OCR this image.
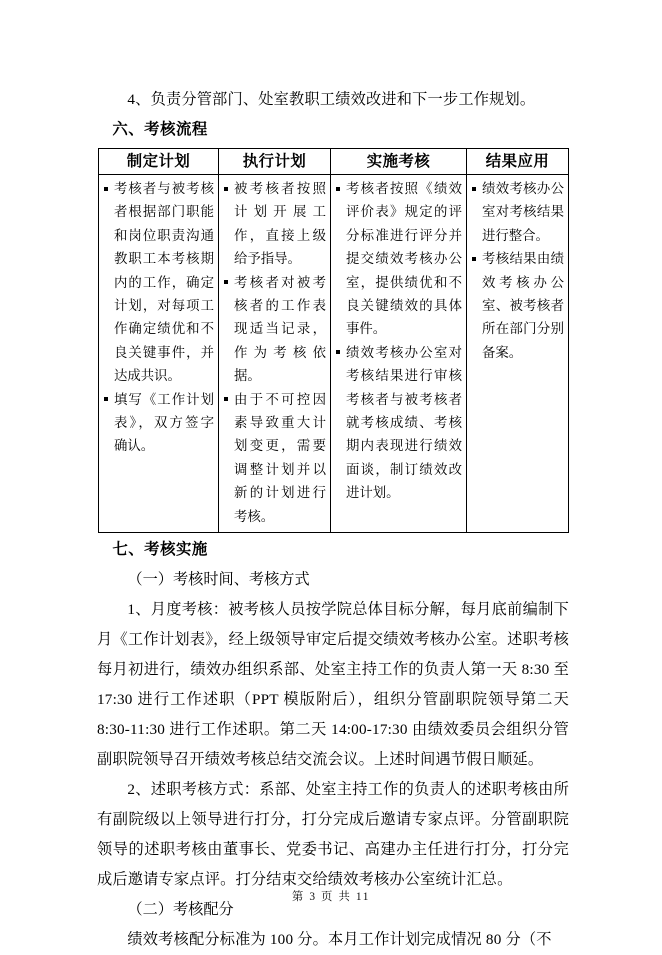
4、负责分管部门、处室教职工绩效改进和下一步工作规划。

六、考核流程

制定计划	执行计划	实施考核	结果应用

考核者与被考核者根据部门职能和岗位职责沟通教职工本考核期内的工作，确定计划，对每项工作确定绩优和不良关键事件，并达成共识。
填写《工作计划表》，双方签字确认。

被考核者按照计划开展工作，直接上级给予指导。
考核者对被考核者的工作表现适当记录，作为考核依据。
由于不可控因素导致重大计划变更，需要调整计划并以新的计划进行考核。

考核者按照《绩效评价表》规定的评分标准进行评分并提交绩效考核办公室，提供绩优和不良关键绩效的具体事件。
绩效考核办公室对考核结果进行审核考核者与被考核者就考核成绩、考核期内表现进行绩效面谈，制订绩效改进计划。

绩效考核办公室对考核结果进行整合。
考核结果由绩效考核办公室、被考核者所在部门分别备案。

七、考核实施

（一）考核时间、考核方式

1、月度考核：被考核人员按学院总体目标分解，每月底前编制下月《工作计划表》，经上级领导审定后提交绩效考核办公室。述职考核每月初进行，绩效办组织系部、处室主持工作的负责人第一天 8:30 至 17:30 进行工作述职（PPT 模版附后），组织分管副职院领导第二天 8:30-11:30 进行工作述职。第二天 14:00-17:30 由绩效委员会组织分管副职院领导召开绩效考核总结交流会议。上述时间遇节假日顺延。

2、述职考核方式：系部、处室主持工作的负责人的述职考核由所有副院级以上领导进行打分，打分完成后邀请专家点评。分管副职院领导的述职考核由董事长、党委书记、高建办主任进行打分，打分完成后邀请专家点评。打分结束交给绩效考核办公室统计汇总。

（二）考核配分

绩效考核配分标准为 100 分。本月工作计划完成情况 80 分（不

第 3 页 共 11
